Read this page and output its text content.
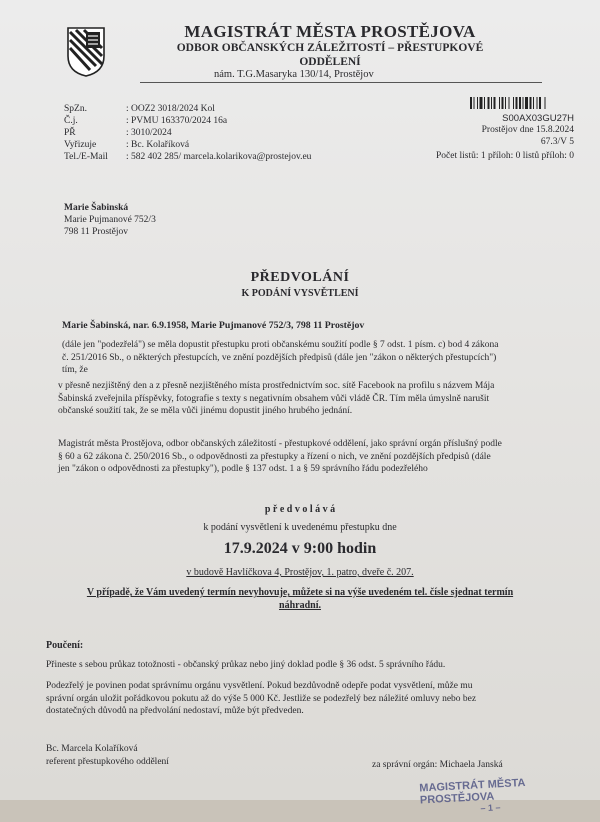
MAGISTRÁT MĚSTA PROSTĚJOVA
ODBOR OBČANSKÝCH ZÁLEŽITOSTÍ – PŘESTUPKOVÉ
ODDĚLENÍ
nám. T.G.Masaryka 130/14, Prostějov
SpZn.	: OOZ2 3018/2024 Kol
Č.j.	: PVMU 163370/2024 16a
PŘ	: 3010/2024
Vyřizuje	: Bc. Kolaříková
Tel./E-Mail : 582 402 285/ marcela.kolarikova@prostejov.eu
S00AX03GU27H
Prostějov dne 15.8.2024
67.3/V 5
Počet listů: 1 příloh: 0 listů příloh: 0
Marie Šabinská
Marie Pujmanové 752/3
798 11 Prostějov
PŘEDVOLÁNÍ
K PODÁNÍ VYSVĚTLENÍ
Marie Šabinská, nar. 6.9.1958, Marie Pujmanové 752/3, 798 11 Prostějov

(dále jen "podezřelá") se měla dopustit přestupku proti občanskému soužití podle § 7 odst. 1 písm. c) bod 4 zákona

č. 251/2016 Sb., o některých přestupcích, ve znění pozdějších předpisů (dále jen "zákon o některých přestupcích")

tím, že

v přesně nezjištěný den a z přesně nezjištěného místa prostřednictvím soc. sítě Facebook na profilu s názvem Mája

Šabinská zveřejnila příspěvky, fotografie s texty s negativním obsahem vůči vládě ČR. Tím měla úmyslně narušit

občanské soužití tak, že se měla vůči jinému dopustit jiného hrubého jednání.

Magistrát města Prostějova, odbor občanských záležitostí - přestupkové oddělení, jako správní orgán příslušný podle

§ 60 a 62 zákona č. 250/2016 Sb., o odpovědnosti za přestupky a řízení o nich, ve znění pozdějších předpisů (dále

jen "zákon o odpovědnosti za přestupky"), podle § 137 odst. 1 a § 59 správního řádu podezřelého

p ř e d v o l á v á
k podání vysvětlení k uvedenému přestupku dne
17.9.2024 v 9:00 hodin
v budově Havlíčkova 4, Prostějov, 1. patro, dveře č. 207.
V případě, že Vám uvedený termín nevyhovuje, můžete si na výše uvedeném tel. čísle sjednat termín
náhradní.
Poučení:
Přineste s sebou průkaz totožnosti - občanský průkaz nebo jiný doklad podle § 36 odst. 5 správního řádu.

Podezřelý je povinen podat správnímu orgánu vysvětlení. Pokud bezdůvodně odepře podat vysvětlení, může mu

správní orgán uložit pořádkovou pokutu až do výše 5 000 Kč. Jestliže se podezřelý bez náležité omluvy nebo bez

dostatečných důvodů na předvolání nedostaví, může být předveden.

Bc. Marcela Kolaříková
referent přestupkového oddělení	za správní orgán: Michaela Janská
MAGISTRÁT MĚSTA PROSTĚJOVA
– 1 –
